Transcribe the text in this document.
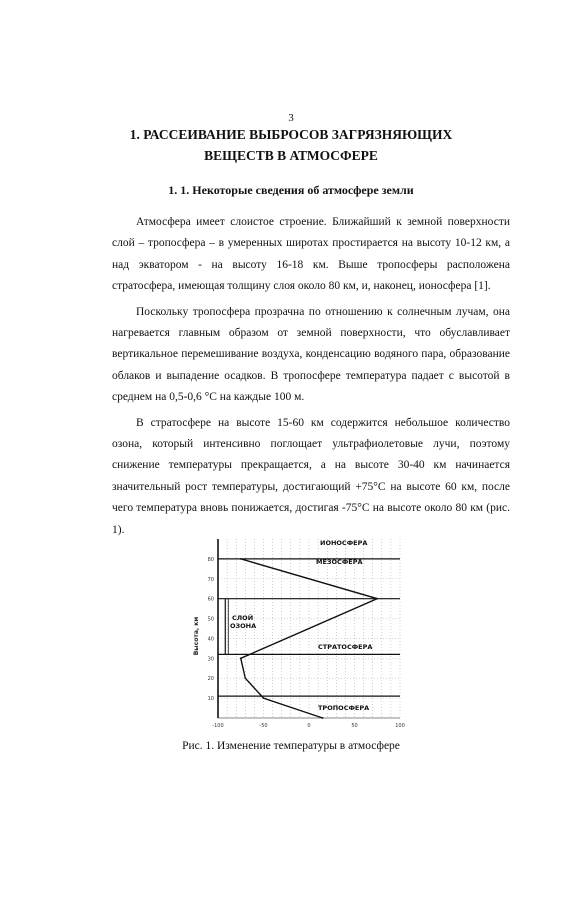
3
1. РАССЕИВАНИЕ ВЫБРОСОВ ЗАГРЯЗНЯЮЩИХ
ВЕЩЕСТВ В АТМОСФЕРЕ
1. 1. Некоторые сведения об атмосфере земли

Атмосфера имеет слоистое строение. Ближайший к земной поверхности слой – тропосфера – в умеренных широтах простирается на высоту 10-12 км, а над экватором - на высоту 16-18 км. Выше тропосферы расположена стратосфера, имеющая толщину слоя около 80 км, и, наконец, ионосфера [1].

Поскольку тропосфера прозрачна по отношению к солнечным лучам, она нагревается главным образом от земной поверхности, что обуславливает вертикальное перемешивание воздуха, конденсацию водяного пара, образование облаков и выпадение осадков. В тропосфере температура падает с высотой в среднем на 0,5-0,6 °С на каждые 100 м.

В стратосфере на высоте 15-60 км содержится небольшое количество озона, который интенсивно поглощает ультрафиолетовые лучи, поэтому снижение температуры прекращается, а на высоте 30-40 км начинается значительный рост температуры, достигающий +75°С на высоте 60 км, после чего температура вновь понижается, достигая -75°С на высоте около 80 км (рис. 1).

10
20
30
40
50
60
70
80
-100	-50	0	50	100
Высота, км
ИОНОСФЕРА
МЕЗОСФЕРА
СЛОЙ
ОЗОНА
СТРАТОСФЕРА
ТРОПОСФЕРА
Рис. 1. Изменение температуры в атмосфере
